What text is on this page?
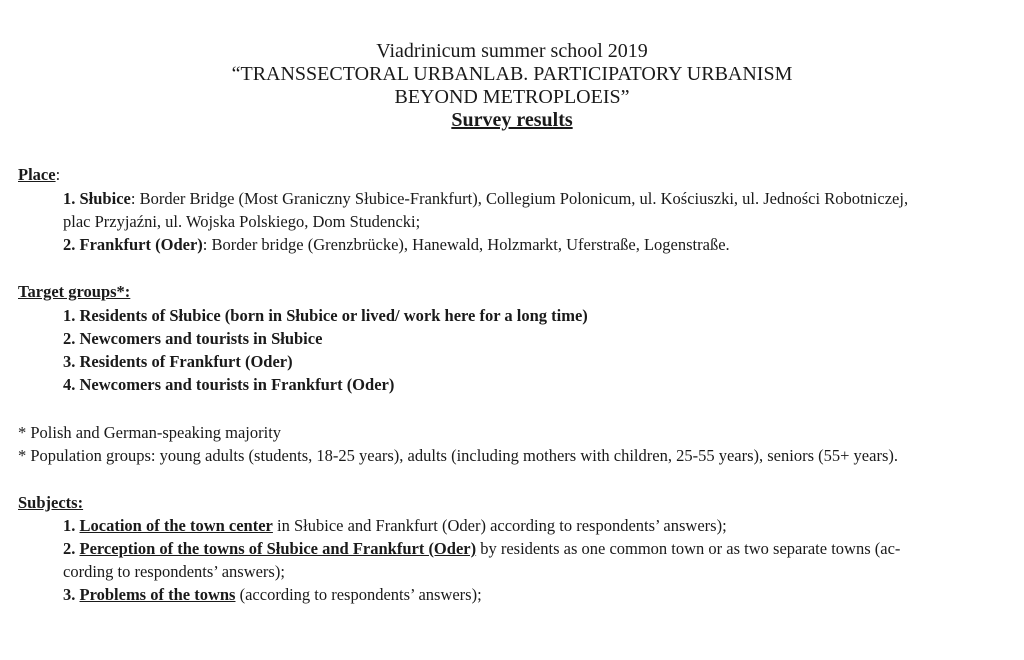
Viadrinicum summer school 2019
“TRANSSECTORAL URBANLAB. PARTICIPATORY URBANISM
BEYOND METROPLOEIS”
Survey results
Place:
1. Słubice: Border Bridge (Most Graniczny Słubice-Frankfurt), Collegium Polonicum, ul. Kościuszki, ul. Jedności Robotniczej,
plac Przyjaźni, ul. Wojska Polskiego, Dom Studencki;
2. Frankfurt (Oder): Border bridge (Grenzbrücke), Hanewald, Holzmarkt, Uferstraße, Logenstraße.
Target groups*:
1. Residents of Słubice (born in Słubice or lived/ work here for a long time)
2. Newcomers and tourists in Słubice
3. Residents of Frankfurt (Oder)
4. Newcomers and tourists in Frankfurt (Oder)
* Polish and German-speaking majority
* Population groups: young adults (students, 18-25 years), adults (including mothers with children, 25-55 years), seniors (55+ years).
Subjects:
1. Location of the town center in Słubice and Frankfurt (Oder) according to respondents’ answers);
2. Perception of the towns of Słubice and Frankfurt (Oder) by residents as one common town or as two separate towns (ac-
cording to respondents’ answers);
3. Problems of the towns (according to respondents’ answers);
